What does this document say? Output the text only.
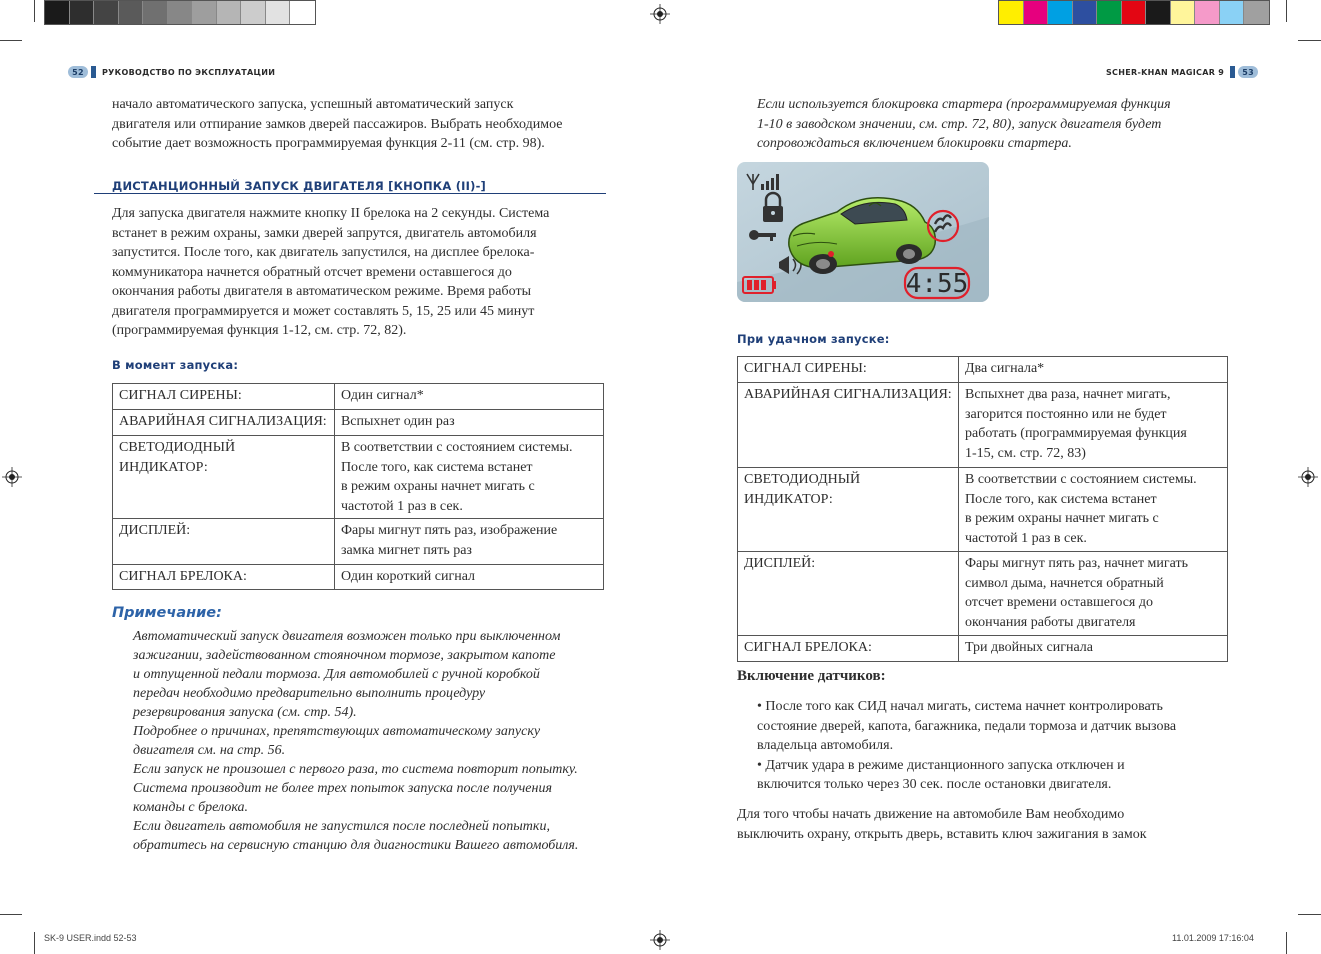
52	РУКОВОДСТВО ПО ЭКСПЛУАТАЦИИ	SCHER-KHAN MAGICAR 9	53
начало автоматического запуска, успешный автоматический запуск
двигателя или отпирание замков дверей пассажиров. Выбрать необходимое
событие дает возможность программируемая функция 2-11 (см. стр. 98).
ДИСТАНЦИОННЫЙ ЗАПУСК ДВИГАТЕЛЯ [КНОПКА (II)-]
Для запуска двигателя нажмите кнопку II брелока на 2 секунды. Система
встанет в режим охраны, замки дверей запрутся, двигатель автомобиля
запустится. После того, как двигатель запустился, на дисплее брелока-
коммуникатора начнется обратный отсчет времени оставшегося до
окончания работы двигателя в автоматическом режиме. Время работы
двигателя программируется и может составлять 5, 15, 25 или 45 минут
(программируемая функция 1-12, см. стр. 72, 82).
В момент запуска:
СИГНАЛ СИРЕНЫ:	Один сигнал*
АВАРИЙНАЯ СИГНАЛИЗАЦИЯ:	Вспыхнет один раз
СВЕТОДИОДНЫЙ
ИНДИКАТОР:	В соответствии с состоянием системы.
После того, как система встанет
в режим охраны начнет мигать с
частотой 1 раз в сек.
ДИСПЛЕЙ:	Фары мигнут пять раз, изображение
замка мигнет пять раз
СИГНАЛ БРЕЛОКА:	Один короткий сигнал
Примечание:
Автоматический запуск двигателя возможен только при выключенном
зажигании, задействованном стояночном тормозе, закрытом капоте
и отпущенной педали тормоза. Для автомобилей с ручной коробкой
передач необходимо предварительно выполнить процедуру
резервирования запуска (см. стр. 54).
Подробнее о причинах, препятствующих автоматическому запуску
двигателя см. на стр. 56.
Если запуск не произошел с первого раза, то система повторит попытку.
Система производит не более трех попыток запуска после получения
команды с брелока.
Если двигатель автомобиля не запустился после последней попытки,
обратитесь на сервисную станцию для диагностики Вашего автомобиля.
Если используется блокировка стартера (программируемая функция
1-10 в заводском значении, см. стр. 72, 80), запуск двигателя будет
сопровождаться включением блокировки стартера.
4:55
При удачном запуске:
СИГНАЛ СИРЕНЫ:	Два сигнала*
АВАРИЙНАЯ СИГНАЛИЗАЦИЯ:	Вспыхнет два раза, начнет мигать,
загорится постоянно или не будет
работать (программируемая функция
1-15, см. стр. 72, 83)
СВЕТОДИОДНЫЙ
ИНДИКАТОР:	В соответствии с состоянием системы.
После того, как система встанет
в режим охраны начнет мигать с
частотой 1 раз в сек.
ДИСПЛЕЙ:	Фары мигнут пять раз, начнет мигать
символ дыма, начнется обратный
отсчет времени оставшегося до
окончания работы двигателя
СИГНАЛ БРЕЛОКА:	Три двойных сигнала
Включение датчиков:
• После того как СИД начал мигать, система начнет контролировать
состояние дверей, капота, багажника, педали тормоза и датчик вызова
владельца автомобиля.
• Датчик удара в режиме дистанционного запуска отключен и
включится только через 30 сек. после остановки двигателя.
Для того чтобы начать движение на автомобиле Вам необходимо
выключить охрану, открыть дверь, вставить ключ зажигания в замок
SK-9 USER.indd 52-53	11.01.2009 17:16:04
